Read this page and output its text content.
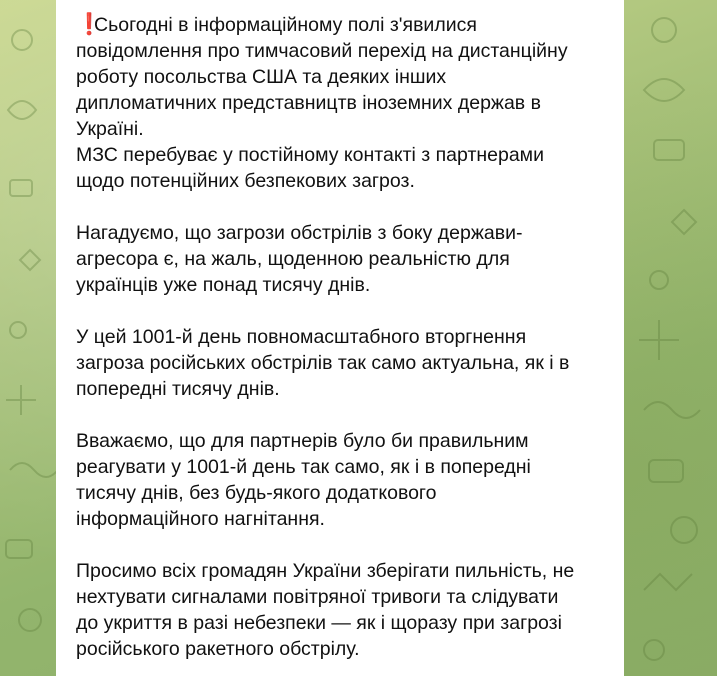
❗Сьогодні в інформаційному полі з'явилися
повідомлення про тимчасовий перехід на дистанційну
роботу посольства США та деяких інших
дипломатичних представництв іноземних держав в
Україні.
МЗС перебуває у постійному контакті з партнерами
щодо потенційних безпекових загроз.
Нагадуємо, що загрози обстрілів з боку держави-
агресора є, на жаль, щоденною реальністю для
українців уже понад тисячу днів.
У цей 1001-й день повномасштабного вторгнення
загроза російських обстрілів так само актуальна, як і в
попередні тисячу днів.
Вважаємо, що для партнерів було би правильним
реагувати у 1001-й день так само, як і в попередні
тисячу днів, без будь-якого додаткового
інформаційного нагнітання.
Просимо всіх громадян України зберігати пильність, не
нехтувати сигналами повітряної тривоги та слідувати
до укриття в разі небезпеки — як і щоразу при загрозі
російського ракетного обстрілу.
